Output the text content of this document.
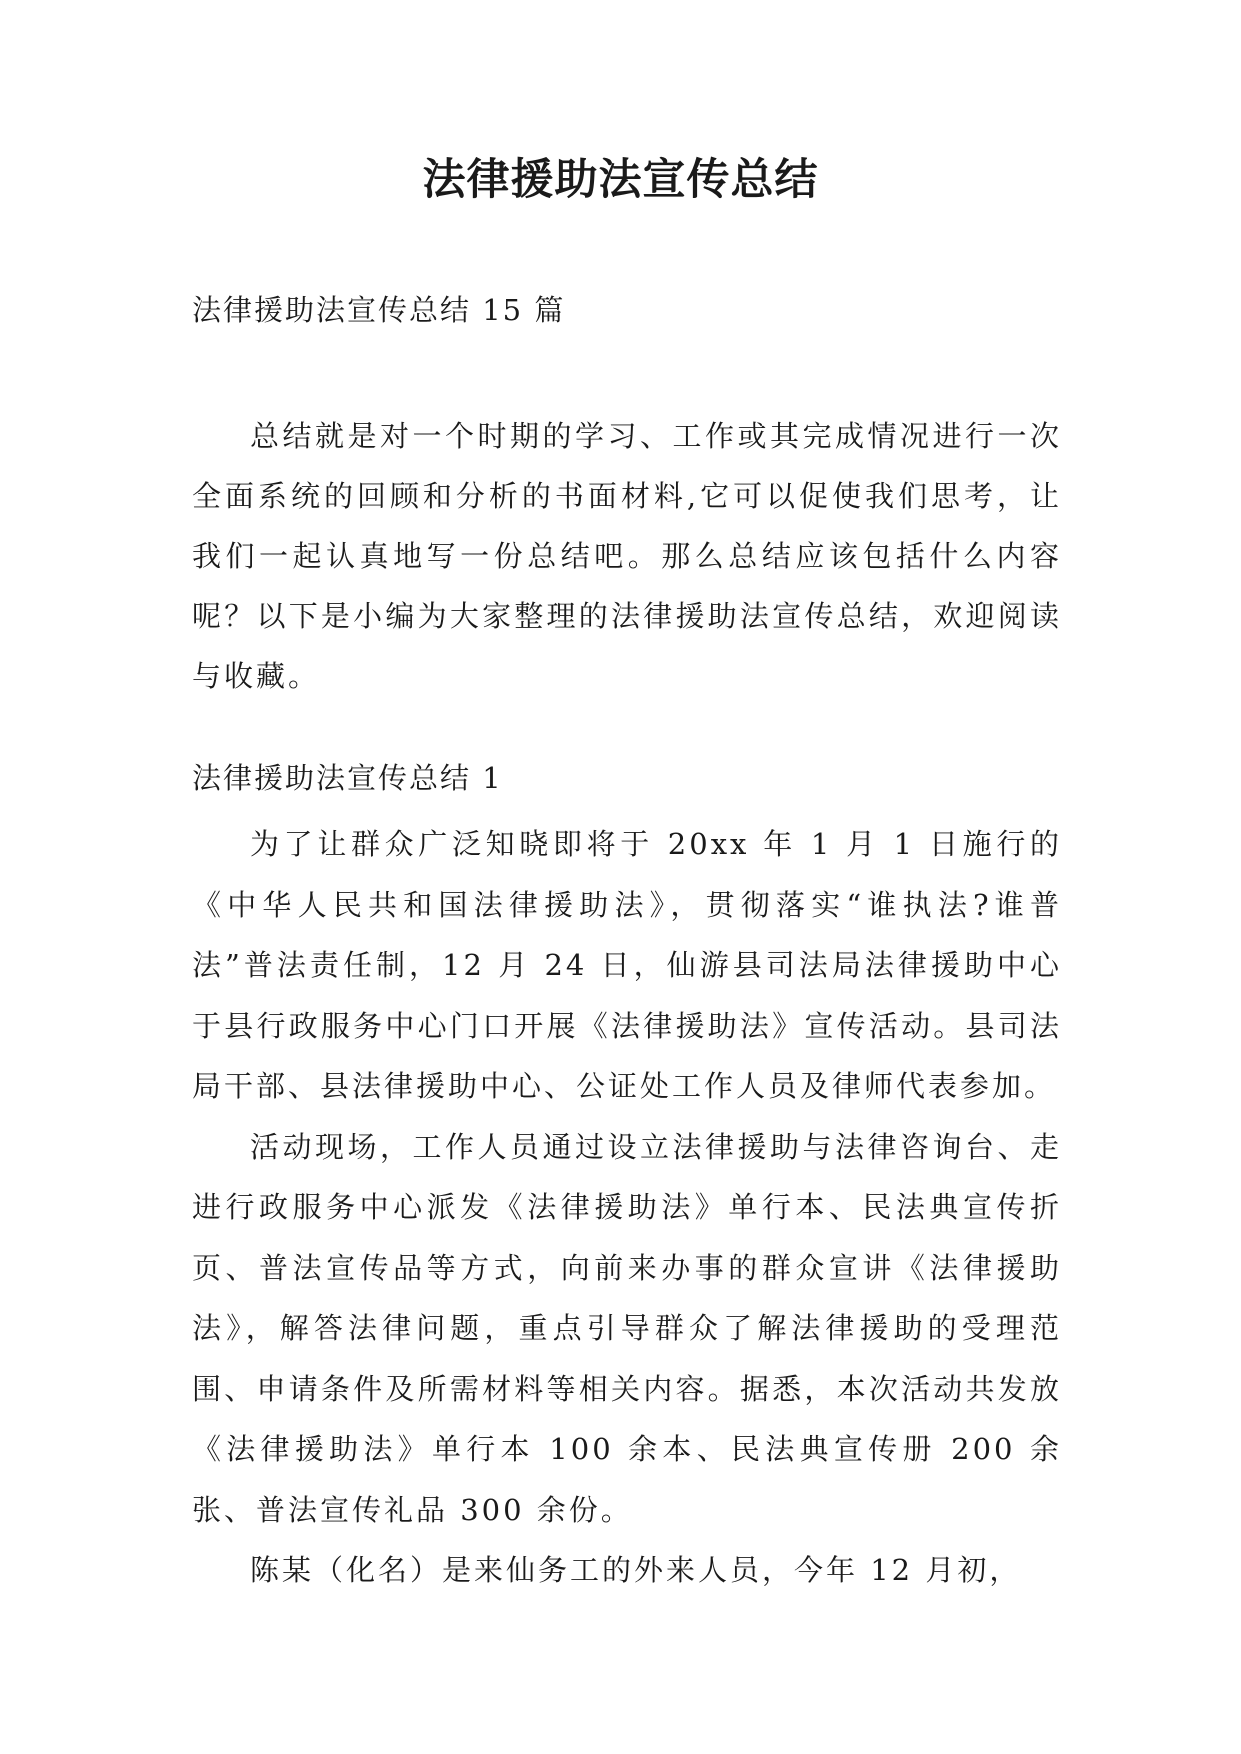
法律援助法宣传总结
法律援助法宣传总结 15 篇

总结就是对一个时期的学习、工作或其完成情况进行一次全面系统的回顾和分析的书面材料,它可以促使我们思考，让我们一起认真地写一份总结吧。那么总结应该包括什么内容呢？以下是小编为大家整理的法律援助法宣传总结，欢迎阅读与收藏。

法律援助法宣传总结 1

为了让群众广泛知晓即将于 20xx 年 1 月 1 日施行的《中华人民共和国法律援助法》，贯彻落实“谁执法?谁普法”普法责任制，12 月 24 日，仙游县司法局法律援助中心于县行政服务中心门口开展《法律援助法》宣传活动。县司法局干部、县法律援助中心、公证处工作人员及律师代表参加。

活动现场，工作人员通过设立法律援助与法律咨询台、走进行政服务中心派发《法律援助法》单行本、民法典宣传折页、普法宣传品等方式，向前来办事的群众宣讲《法律援助法》，解答法律问题，重点引导群众了解法律援助的受理范围、申请条件及所需材料等相关内容。据悉，本次活动共发放《法律援助法》单行本 100 余本、民法典宣传册 200 余张、普法宣传礼品 300 余份。

陈某（化名）是来仙务工的外来人员，今年 12 月初，
